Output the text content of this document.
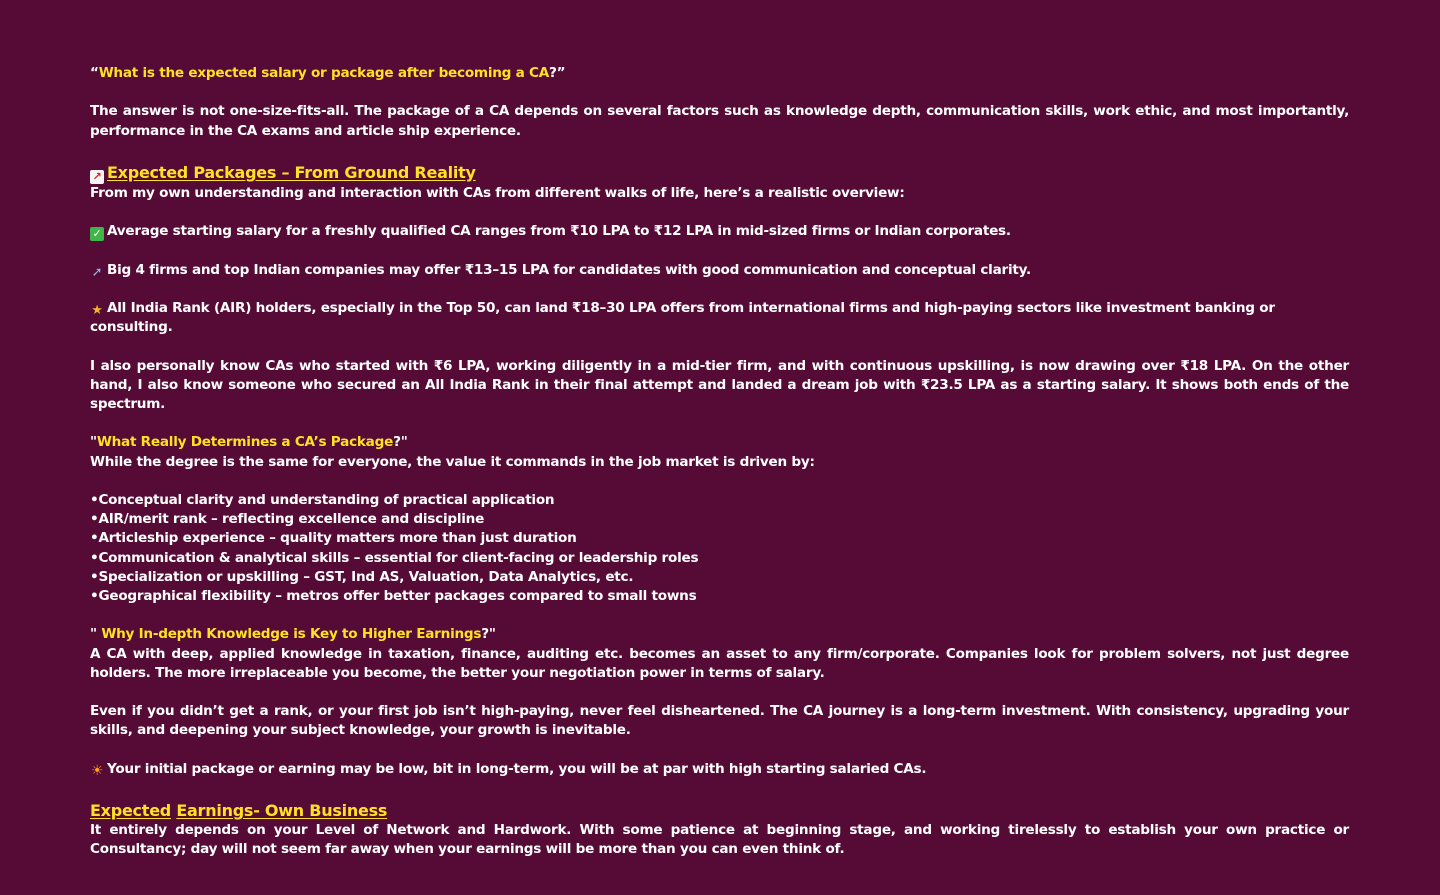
“What is the expected salary or package after becoming a CA?”

The answer is not one-size-fits-all. The package of a CA depends on several factors such as knowledge depth, communication skills, work ethic, and most importantly, performance in the CA exams and article ship experience.

↗ Expected Packages – From Ground Reality

From my own understanding and interaction with CAs from different walks of life, here’s a realistic overview:

✓ Average starting salary for a freshly qualified CA ranges from ₹10 LPA to ₹12 LPA in mid-sized firms or Indian corporates.

➚ Big 4 firms and top Indian companies may offer ₹13–15 LPA for candidates with good communication and conceptual clarity.

★ All India Rank (AIR) holders, especially in the Top 50, can land ₹18–30 LPA offers from international firms and high-paying sectors like investment banking or consulting.

I also personally know CAs who started with ₹6 LPA, working diligently in a mid-tier firm, and with continuous upskilling, is now drawing over ₹18 LPA. On the other hand, I also know someone who secured an All India Rank in their final attempt and landed a dream job with ₹23.5 LPA as a starting salary. It shows both ends of the spectrum.

"What Really Determines a CA’s Package?"

While the degree is the same for everyone, the value it commands in the job market is driven by:

•Conceptual clarity and understanding of practical application

•AIR/merit rank – reflecting excellence and discipline

•Articleship experience – quality matters more than just duration

•Communication & analytical skills – essential for client-facing or leadership roles

•Specialization or upskilling – GST, Ind AS, Valuation, Data Analytics, etc.

•Geographical flexibility – metros offer better packages compared to small towns

" Why In-depth Knowledge is Key to Higher Earnings?"

A CA with deep, applied knowledge in taxation, finance, auditing etc. becomes an asset to any firm/corporate. Companies look for problem solvers, not just degree holders. The more irreplaceable you become, the better your negotiation power in terms of salary.

Even if you didn’t get a rank, or your first job isn’t high-paying, never feel disheartened. The CA journey is a long-term investment. With consistency, upgrading your skills, and deepening your subject knowledge, your growth is inevitable.

☀ Your initial package or earning may be low, bit in long-term, you will be at par with high starting salaried CAs.

Expected Earnings- Own Business

It entirely depends on your Level of Network and Hardwork. With some patience at beginning stage, and working tirelessly to establish your own practice or Consultancy; day will not seem far away when your earnings will be more than you can even think of.
